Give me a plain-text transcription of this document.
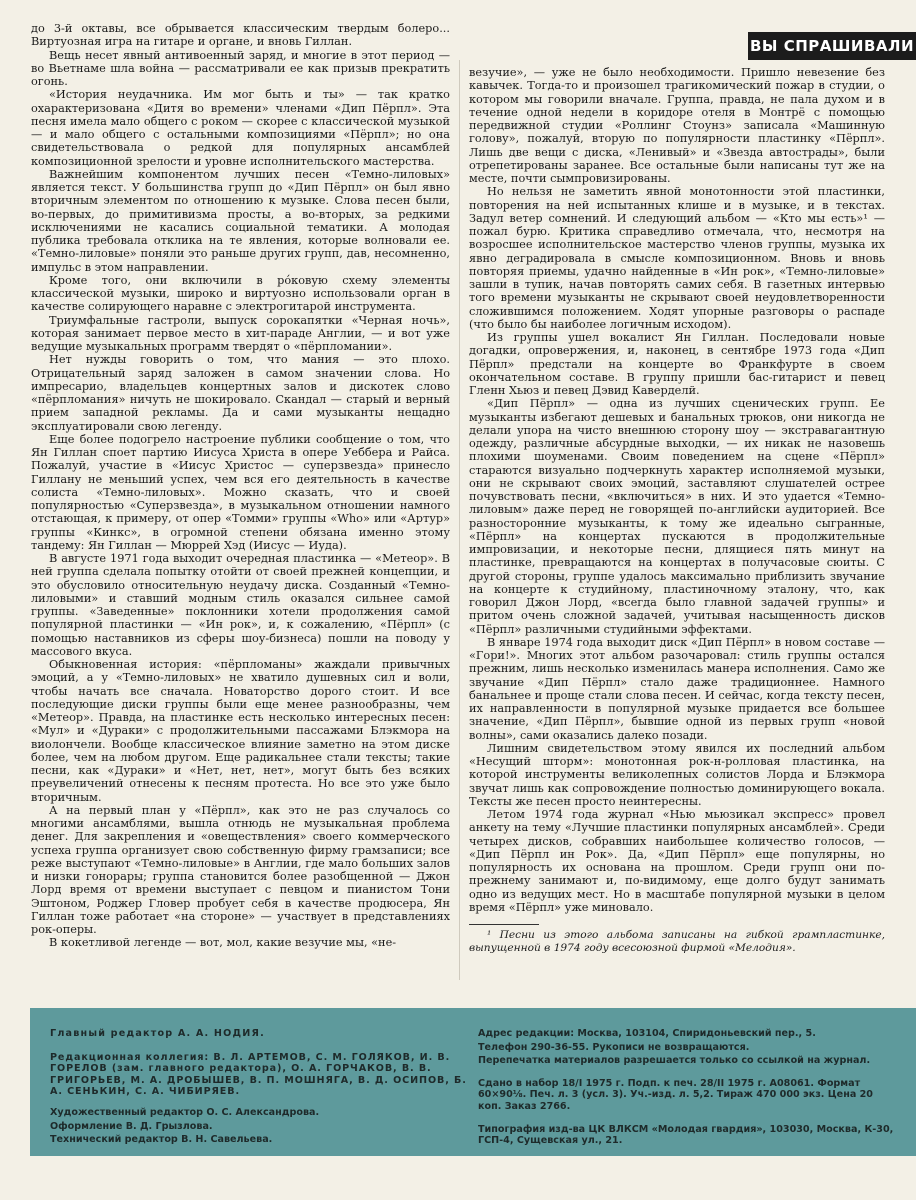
ВЫ СПРАШИВАЛИ

до 3-й октавы, все обрывается классическим твердым болеро... Виртуозная игра на гитаре и органе, и вновь Гиллан.

Вещь несет явный антивоенный заряд, и многие в этот период — во Вьетнаме шла война — рассматривали ее как призыв прекратить огонь.

«История неудачника. Им мог быть и ты» — так кратко охарактеризована «Дитя во времени» членами «Дип Пёрпл». Эта песня имела мало общего с роком — скорее с классической музыкой — и мало общего с остальными композициями «Пёрпл»; но она свидетельствовала о редкой для популярных ансамблей композиционной зрелости и уровне исполнительского мастерства.

Важнейшим компонентом лучших песен «Темно-лиловых» является текст. У большинства групп до «Дип Пёрпл» он был явно вторичным элементом по отношению к музыке. Слова песен были, во-первых, до примитивизма просты, а во-вторых, за редкими исключениями не касались социальной тематики. А молодая публика требовала отклика на те явления, которые волновали ее. «Темно-лиловые» поняли это раньше других групп, дав, несомненно, импульс в этом направлении.

Кроме того, они включили в рóковую схему элементы классической музыки, широко и виртуозно использовали орган в качестве солирующего наравне с электрогитарой инструмента.

Триумфальные гастроли, выпуск сорокапятки «Черная ночь», которая занимает первое место в хит-параде Англии, — и вот уже ведущие музыкальных программ твердят о «пёрпломании».

Нет нужды говорить о том, что мания — это плохо. Отрицательный заряд заложен в самом значении слова. Но импресарио, владельцев концертных залов и дискотек слово «пёрпломания» ничуть не шокировало. Скандал — старый и верный прием западной рекламы. Да и сами музыканты нещадно эксплуатировали свою легенду.

Еще более подогрело настроение публики сообщение о том, что Ян Гиллан споет партию Иисуса Христа в опере Уеббера и Райса. Пожалуй, участие в «Иисус Христос — суперзвезда» принесло Гиллану не меньший успех, чем вся его деятельность в качестве солиста «Темно-лиловых». Можно сказать, что и своей популярностью «Суперзвезда», в музыкальном отношении намного отстающая, к примеру, от опер «Томми» группы «Who» или «Артур» группы «Кинкс», в огромной степени обязана именно этому тандему: Ян Гиллан — Мюррей Хэд (Иисус — Иуда).

В августе 1971 года выходит очередная пластинка — «Метеор». В ней группа сделала попытку отойти от своей прежней концепции, и это обусловило относительную неудачу диска. Созданный «Темно-лиловыми» и ставший модным стиль оказался сильнее самой группы. «Заведенные» поклонники хотели продолжения самой популярной пластинки — «Ин рок», и, к сожалению, «Пёрпл» (с помощью наставников из сферы шоу-бизнеса) пошли на поводу у массового вкуса.

Обыкновенная история: «пёрпломаны» жаждали привычных эмоций, а у «Темно-лиловых» не хватило душевных сил и воли, чтобы начать все сначала. Новаторство дорого стоит. И все последующие диски группы были еще менее разнообразны, чем «Метеор». Правда, на пластинке есть несколько интересных песен: «Мул» и «Дураки» с продолжительными пассажами Блэкмора на виолончели. Вообще классическое влияние заметно на этом диске более, чем на любом другом. Еще радикальнее стали тексты; такие песни, как «Дураки» и «Нет, нет, нет», могут быть без всяких преувеличений отнесены к песням протеста. Но все это уже было вторичным.

А на первый план у «Пёрпл», как это не раз случалось со многими ансамблями, вышла отнюдь не музыкальная проблема денег. Для закрепления и «овеществления» своего коммерческого успеха группа организует свою собственную фирму грамзаписи; все реже выступают «Темно-лиловые» в Англии, где мало больших залов и низки гонорары; группа становится более разобщенной — Джон Лорд время от времени выступает с певцом и пианистом Тони Эштоном, Роджер Гловер пробует себя в качестве продюсера, Ян Гиллан тоже работает «на стороне» — участвует в представлениях рок-оперы.

В кокетливой легенде — вот, мол, какие везучие мы, «не-

везучие», — уже не было необходимости. Пришло невезение без кавычек. Тогда-то и произошел трагикомический пожар в студии, о котором мы говорили вначале. Группа, правда, не пала духом и в течение одной недели в коридоре отеля в Монтрё с помощью передвижной студии «Роллинг Стоунз» записала «Машинную голову», пожалуй, вторую по популярности пластинку «Пёрпл». Лишь две вещи с диска, «Ленивый» и «Звезда автострады», были отрепетированы заранее. Все остальные были написаны тут же на месте, почти сымпровизированы.

Но нельзя не заметить явной монотонности этой пластинки, повторения на ней испытанных клише и в музыке, и в текстах. Задул ветер сомнений. И следующий альбом — «Кто мы есть»¹ — пожал бурю. Критика справедливо отмечала, что, несмотря на возросшее исполнительское мастерство членов группы, музыка их явно деградировала в смысле композиционном. Вновь и вновь повторяя приемы, удачно найденные в «Ин рок», «Темно-лиловые» зашли в тупик, начав повторять самих себя. В газетных интервью того времени музыканты не скрывают своей неудовлетворенности сложившимся положением. Ходят упорные разговоры о распаде (что было бы наиболее логичным исходом).

Из группы ушел вокалист Ян Гиллан. Последовали новые догадки, опровержения, и, наконец, в сентябре 1973 года «Дип Пёрпл» предстали на концерте во Франкфурте в своем окончательном составе. В группу пришли бас-гитарист и певец Гленн Хьюз и певец Дэвид Каверделй.

«Дип Пёрпл» — одна из лучших сценических групп. Ее музыканты избегают дешевых и банальных трюков, они никогда не делали упора на чисто внешнюю сторону шоу — экстравагантную одежду, различные абсурдные выходки, — их никак не назовешь плохими шоуменами. Своим поведением на сцене «Пёрпл» стараются визуально подчеркнуть характер исполняемой музыки, они не скрывают своих эмоций, заставляют слушателей острее почувствовать песни, «включиться» в них. И это удается «Темно-лиловым» даже перед не говорящей по-английски аудиторией. Все разносторонние музыканты, к тому же идеально сыгранные, «Пёрпл» на концертах пускаются в продолжительные импровизации, и некоторые песни, длящиеся пять минут на пластинке, превращаются на концертах в получасовые сюиты. С другой стороны, группе удалось максимально приблизить звучание на концерте к студийному, пластиночному эталону, что, как говорил Джон Лорд, «всегда было главной задачей группы» и притом очень сложной задачей, учитывая насыщенность дисков «Пёрпл» различными студийными эффектами.

В январе 1974 года выходит диск «Дип Пёрпл» в новом составе — «Гори!». Многих этот альбом разочаровал: стиль группы остался прежним, лишь несколько изменилась манера исполнения. Само же звучание «Дип Пёрпл» стало даже традиционнее. Намного банальнее и проще стали слова песен. И сейчас, когда тексту песен, их направленности в популярной музыке придается все большее значение, «Дип Пёрпл», бывшие одной из первых групп «новой волны», сами оказались далеко позади.

Лишним свидетельством этому явился их последний альбом «Несущий шторм»: монотонная рок-н-ролловая пластинка, на которой инструменты великолепных солистов Лорда и Блэкмора звучат лишь как сопровождение полностью доминирующего вокала. Тексты же песен просто неинтересны.

Летом 1974 года журнал «Нью мьюзикал экспресс» провел анкету на тему «Лучшие пластинки популярных ансамблей». Среди четырех дисков, собравших наибольшее количество голосов, — «Дип Пёрпл ин Рок». Да, «Дип Пёрпл» еще популярны, но популярность их основана на прошлом. Среди групп они по-прежнему занимают и, по-видимому, еще долго будут занимать одно из ведущих мест. Но в масштабе популярной музыки в целом время «Пёрпл» уже миновало.

¹ Песни из этого альбома записаны на гибкой грампластинке, выпущенной в 1974 году всесоюзной фирмой «Мелодия».

Главный редактор А. А. НОДИЯ.
Редакционная коллегия: В. Л. АРТЕМОВ, С. М. ГОЛЯКОВ, И. В. ГОРЕЛОВ (зам. главного редактора), О. А. ГОРЧАКОВ, В. В. ГРИГОРЬЕВ, М. А. ДРОБЫШЕВ, В. П. МОШНЯГА, В. Д. ОСИПОВ, Б. А. СЕНЬКИН, С. А. ЧИБИРЯЕВ.
Художественный редактор О. С. Александрова.
Оформление В. Д. Грызлова.
Технический редактор В. Н. Савельева.
Адрес редакции: Москва, 103104, Спиридоньевский пер., 5.
Телефон 290-36-55. Рукописи не возвращаются.
Перепечатка материалов разрешается только со ссылкой на журнал.
Сдано в набор 18/I 1975 г. Подп. к печ. 28/II 1975 г. А08061. Формат 60×90⅛. Печ. л. 3 (усл. 3). Уч.-изд. л. 5,2. Тираж 470 000 экз. Цена 20 коп. Заказ 2766.
Типография изд-ва ЦК ВЛКСМ «Молодая гвардия», 103030, Москва, К-30, ГСП-4, Сущевская ул., 21.
